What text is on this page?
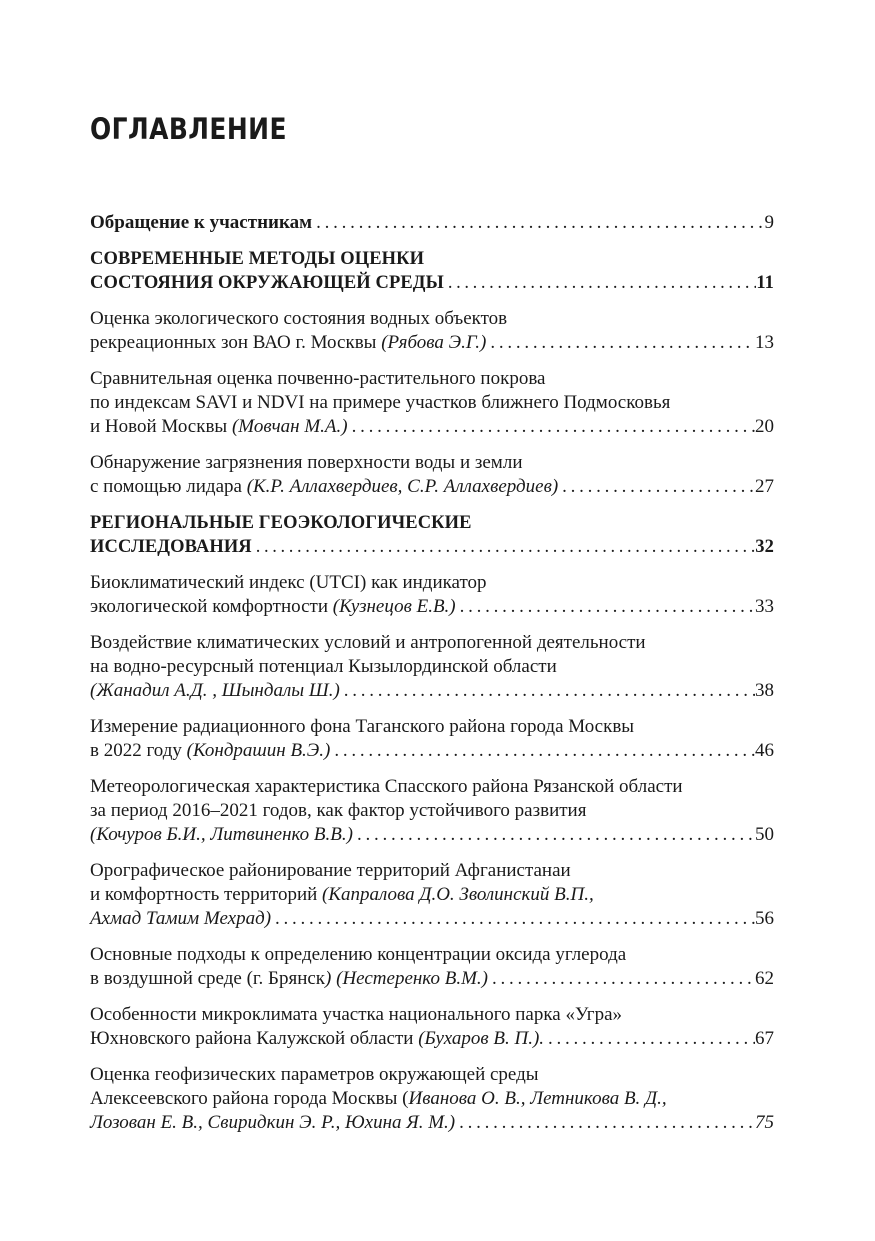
ОГЛАВЛЕНИЕ
Обращение к участникам . . .	9
СОВРЕМЕННЫЕ МЕТОДЫ ОЦЕНКИ
СОСТОЯНИЯ ОКРУЖАЮЩЕЙ СРЕДЫ . . .	11
Оценка экологического состояния водных объектов
рекреационных зон ВАО г. Москвы (Рябова Э.Г.) . . .	13
Сравнительная оценка почвенно-растительного покрова
по индексам SAVI и NDVI на примере участков ближнего Подмосковья
и Новой Москвы (Мовчан М.А.) . . .	20
Обнаружение загрязнения поверхности воды и земли
с помощью лидара (К.Р. Аллахвердиев, С.Р. Аллахвердиев) . . .	27
РЕГИОНАЛЬНЫЕ ГЕОЭКОЛОГИЧЕСКИЕ
ИССЛЕДОВАНИЯ . . .	32
Биоклиматический индекс (UTCI) как индикатор
экологической комфортности (Кузнецов Е.В.) . . .	33
Воздействие климатических условий и антропогенной деятельности
на водно-ресурсный потенциал Кызылординской области
(Жанадил А.Д. , Шындалы Ш.) . . .	38
Измерение радиационного фона Таганского района города Москвы
в 2022 году (Кондрашин В.Э.) . . .	46
Метеорологическая характеристика Спасского района Рязанской области
за период 2016–2021 годов, как фактор устойчивого развития
(Кочуров Б.И., Литвиненко В.В.) . . .	50
Орографическое районирование территорий Афганистанаи
и комфортность территорий (Капралова Д.О. Зволинский В.П.,
Ахмад Тамим Мехрад) . . .	56
Основные подходы к определению концентрации оксида углерода
в воздушной среде (г. Брянск) (Нестеренко В.М.) . . .	62
Особенности микроклимата участка национального парка «Угра»
Юхновского района Калужской области (Бухаров В. П.). . . .	67
Оценка геофизических параметров окружающей среды
Алексеевского района города Москвы (Иванова О. В., Летникова В. Д.,
Лозован Е. В., Свиридкин Э. Р., Юхина Я. М.) . . .	75
